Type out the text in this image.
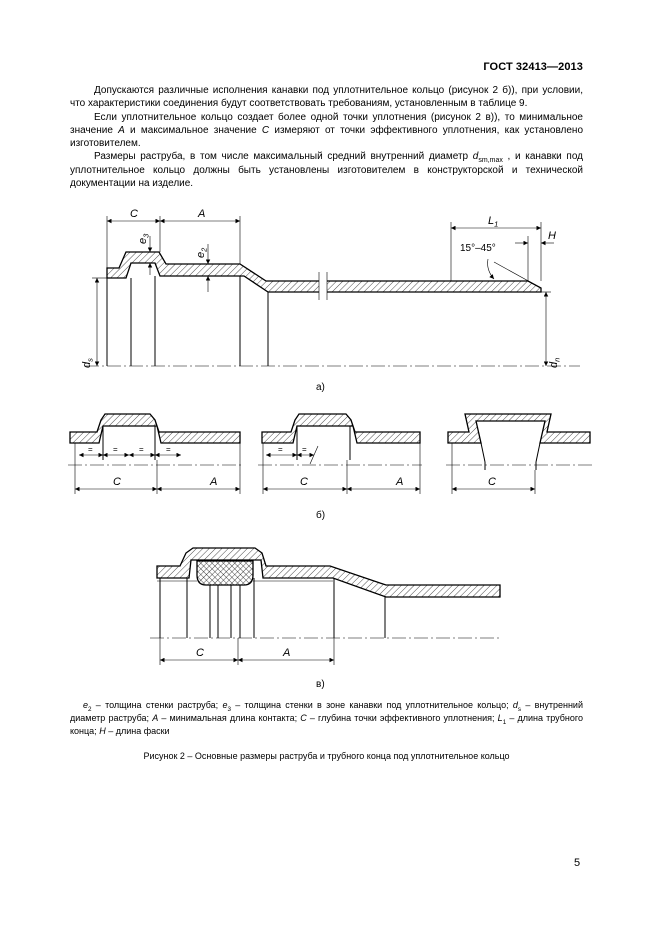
ГОСТ 32413—2013

Допускаются различные исполнения канавки под уплотнительное кольцо (рисунок 2 б)), при условии, что характеристики соединения будут соответствовать требованиям, установленным в таблице 9.

Если уплотнительное кольцо создает более одной точки уплотнения (рисунок 2 в)), то минимальное значение A и максимальное значение C измеряют от точки эффективного уплотнения, как установлено изготовителем.

Размеры раструба, в том числе максимальный средний внутренний диаметр $d_{sm,max}$ , и канавки под уплотнительное кольцо должны быть установлены изготовителем в конструкторской и технической документации на изделие.

C	A
$e_3$
$e_2$
$d_s$
$d_n$
$L_1$
H
15°–45°
а)
=	=	=	=
C	A
= =
C	A	C
б)
C	A
в)

$e_2$ – толщина стенки раструба; $e_3$ – толщина стенки в зоне канавки под уплотнительное кольцо; $d_s$ – внутренний диаметр раструба; A – минимальная длина контакта; C – глубина точки эффективного уплотнения; $L_1$ – длина трубного конца; H – длина фаски

Рисунок 2 – Основные размеры раструба и трубного конца под уплотнительное кольцо

5
